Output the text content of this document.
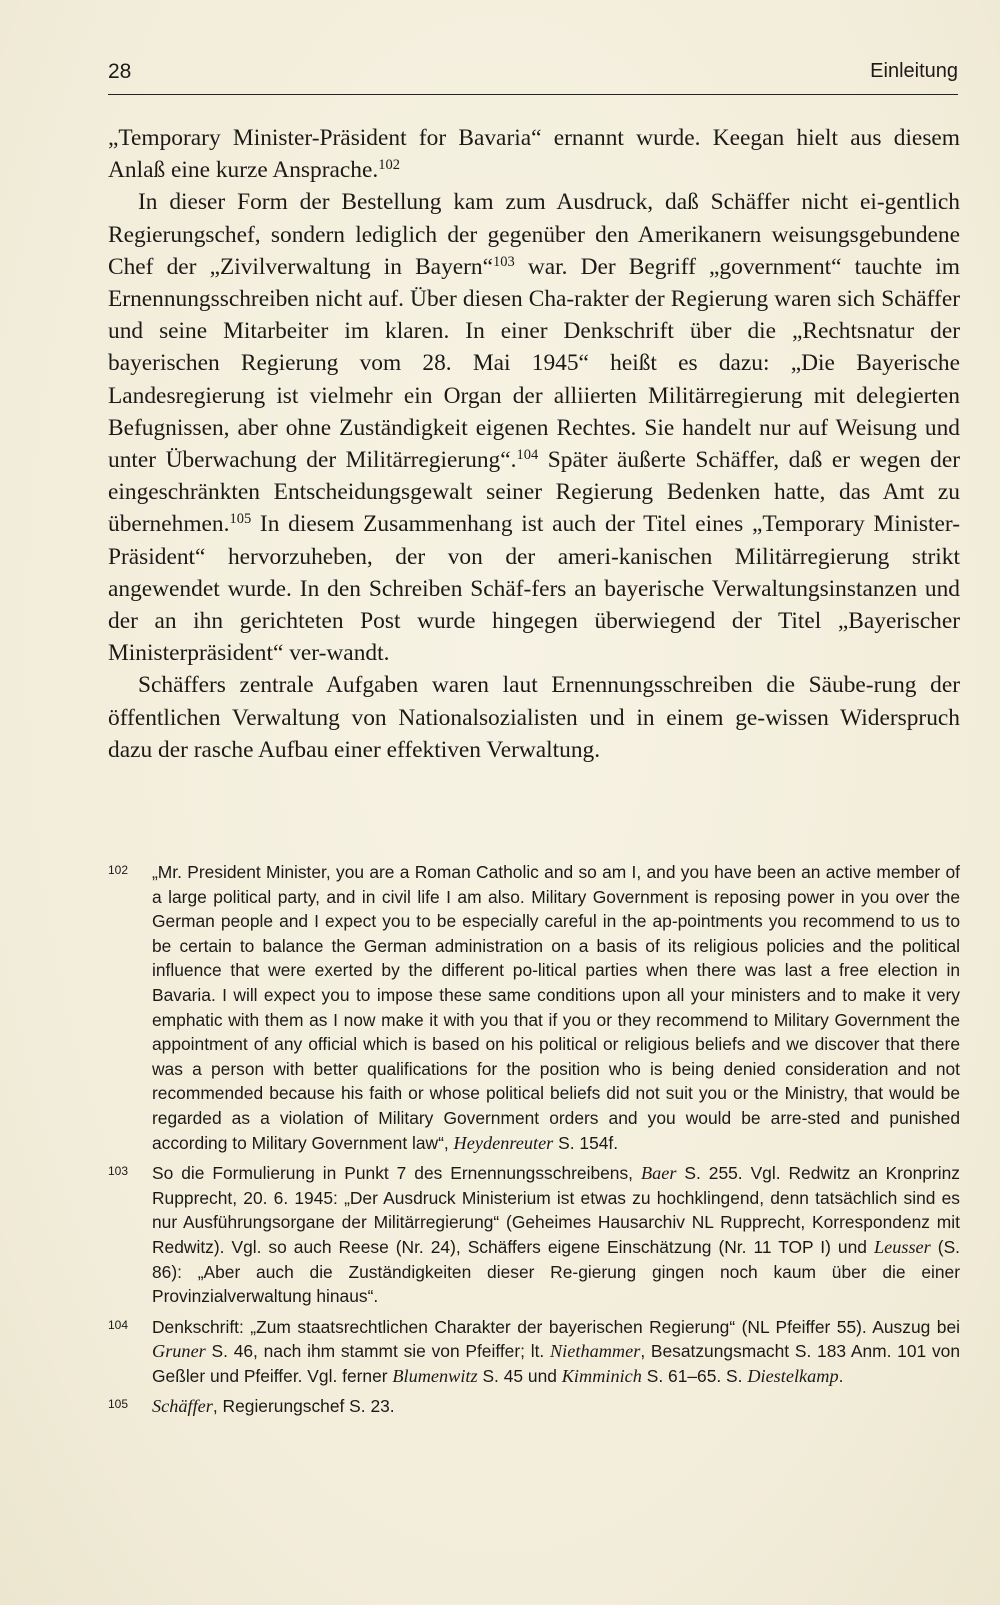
28	Einleitung

„Temporary Minister-Präsident for Bavaria“ ernannt wurde. Keegan hielt aus diesem Anlaß eine kurze Ansprache.$^{102}$

In dieser Form der Bestellung kam zum Ausdruck, daß Schäffer nicht ei-gentlich Regierungschef, sondern lediglich der gegenüber den Amerikanern weisungsgebundene Chef der „Zivilverwaltung in Bayern“$^{103}$ war. Der Begriff „government“ tauchte im Ernennungsschreiben nicht auf. Über diesen Cha-rakter der Regierung waren sich Schäffer und seine Mitarbeiter im klaren. In einer Denkschrift über die „Rechtsnatur der bayerischen Regierung vom 28. Mai 1945“ heißt es dazu: „Die Bayerische Landesregierung ist vielmehr ein Organ der alliierten Militärregierung mit delegierten Befugnissen, aber ohne Zuständigkeit eigenen Rechtes. Sie handelt nur auf Weisung und unter Überwachung der Militärregierung“.$^{104}$ Später äußerte Schäffer, daß er wegen der eingeschränkten Entscheidungsgewalt seiner Regierung Bedenken hatte, das Amt zu übernehmen.$^{105}$ In diesem Zusammenhang ist auch der Titel eines „Temporary Minister-Präsident“ hervorzuheben, der von der ameri-kanischen Militärregierung strikt angewendet wurde. In den Schreiben Schäf-fers an bayerische Verwaltungsinstanzen und der an ihn gerichteten Post wurde hingegen überwiegend der Titel „Bayerischer Ministerpräsident“ ver-wandt.

Schäffers zentrale Aufgaben waren laut Ernennungsschreiben die Säube-rung der öffentlichen Verwaltung von Nationalsozialisten und in einem ge-wissen Widerspruch dazu der rasche Aufbau einer effektiven Verwaltung.

102 „Mr. President Minister, you are a Roman Catholic and so am I, and you have been an active member of a large political party, and in civil life I am also. Military Government is reposing power in you over the German people and I expect you to be especially careful in the ap-pointments you recommend to us to be certain to balance the German administration on a basis of its religious policies and the political influence that were exerted by the different po-litical parties when there was last a free election in Bavaria. I will expect you to impose these same conditions upon all your ministers and to make it very emphatic with them as I now make it with you that if you or they recommend to Military Government the appointment of any official which is based on his political or religious beliefs and we discover that there was a person with better qualifications for the position who is being denied consideration and not recommended because his faith or whose political beliefs did not suit you or the Ministry, that would be regarded as a violation of Military Government orders and you would be arre-sted and punished according to Military Government law“, Heydenreuter S. 154f.
103 So die Formulierung in Punkt 7 des Ernennungsschreibens, Baer S. 255. Vgl. Redwitz an Kronprinz Rupprecht, 20. 6. 1945: „Der Ausdruck Ministerium ist etwas zu hochklingend, denn tatsächlich sind es nur Ausführungsorgane der Militärregierung“ (Geheimes Hausarchiv NL Rupprecht, Korrespondenz mit Redwitz). Vgl. so auch Reese (Nr. 24), Schäffers eigene Einschätzung (Nr. 11 TOP I) und Leusser (S. 86): „Aber auch die Zuständigkeiten dieser Re-gierung gingen noch kaum über die einer Provinzialverwaltung hinaus“.
104 Denkschrift: „Zum staatsrechtlichen Charakter der bayerischen Regierung“ (NL Pfeiffer 55). Auszug bei Gruner S. 46, nach ihm stammt sie von Pfeiffer; lt. Niethammer, Besatzungsmacht S. 183 Anm. 101 von Geßler und Pfeiffer. Vgl. ferner Blumenwitz S. 45 und Kimminich S. 61–65. S. Diestelkamp.
105 Schäffer, Regierungschef S. 23.
